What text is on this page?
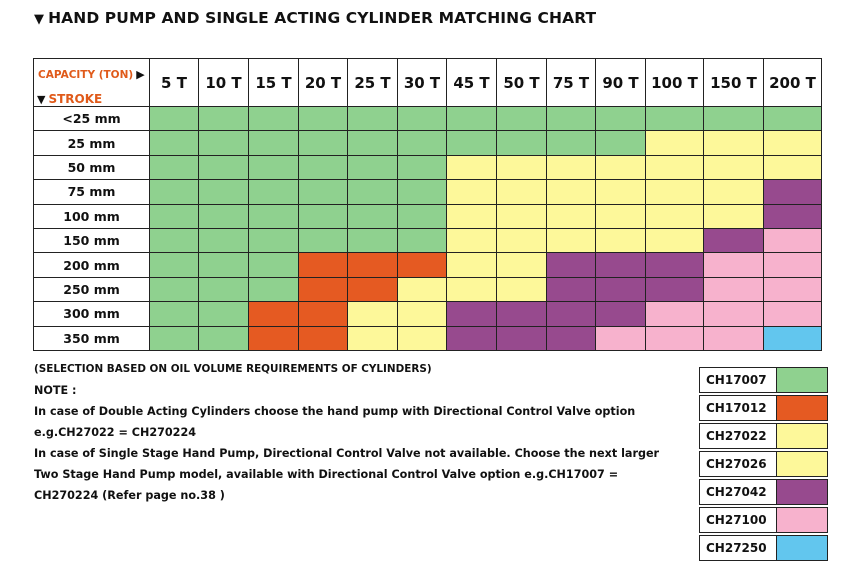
▼ HAND PUMP AND SINGLE ACTING CYLINDER MATCHING CHART
CAPACITY (TON) ▶
▼ STROKE	5 T	10 T	15 T	20 T	25 T	30 T	45 T	50 T	75 T	90 T	100 T	150 T	200 T
<25 mm													
25 mm													
50 mm													
75 mm													
100 mm													
150 mm													
200 mm													
250 mm													
300 mm													
350 mm													
(SELECTION BASED ON OIL VOLUME REQUIREMENTS OF CYLINDERS)
NOTE :
In case of Double Acting Cylinders choose the hand pump with Directional Control Valve option
e.g.CH27022 = CH270224
In case of Single Stage Hand Pump, Directional Control Valve not available. Choose the next larger
Two Stage Hand Pump model, available with Directional Control Valve option e.g.CH17007 =
CH270224 (Refer page no.38 )
CH17007	

CH17012	

CH27022	

CH27026	

CH27042	

CH27100	

CH27250	
